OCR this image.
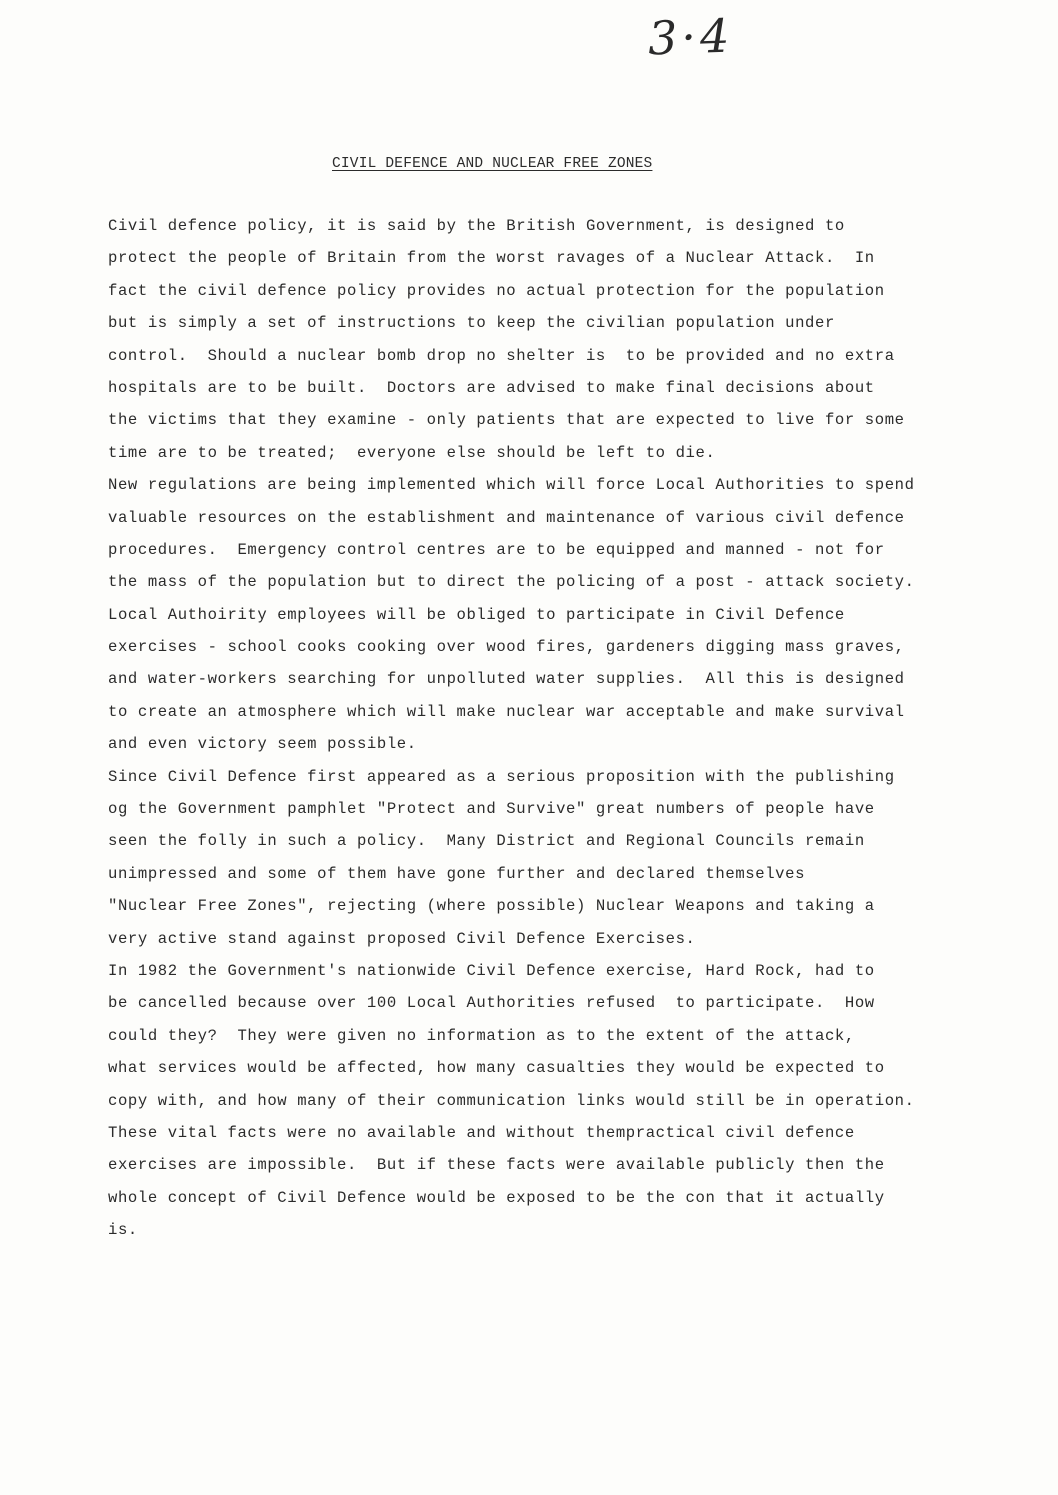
3·4
CIVIL DEFENCE AND NUCLEAR FREE ZONES
Civil defence policy, it is said by the British Government, is designed to
protect the people of Britain from the worst ravages of a Nuclear Attack.  In
fact the civil defence policy provides no actual protection for the population
but is simply a set of instructions to keep the civilian population under
control.  Should a nuclear bomb drop no shelter is  to be provided and no extra
hospitals are to be built.  Doctors are advised to make final decisions about
the victims that they examine - only patients that are expected to live for some
time are to be treated;  everyone else should be left to die.
New regulations are being implemented which will force Local Authorities to spend
valuable resources on the establishment and maintenance of various civil defence
procedures.  Emergency control centres are to be equipped and manned - not for
the mass of the population but to direct the policing of a post - attack society.
Local Authoirity employees will be obliged to participate in Civil Defence
exercises - school cooks cooking over wood fires, gardeners digging mass graves,
and water-workers searching for unpolluted water supplies.  All this is designed
to create an atmosphere which will make nuclear war acceptable and make survival
and even victory seem possible.
Since Civil Defence first appeared as a serious proposition with the publishing
og the Government pamphlet "Protect and Survive" great numbers of people have
seen the folly in such a policy.  Many District and Regional Councils remain
unimpressed and some of them have gone further and declared themselves
"Nuclear Free Zones", rejecting (where possible) Nuclear Weapons and taking a
very active stand against proposed Civil Defence Exercises.
In 1982 the Government's nationwide Civil Defence exercise, Hard Rock, had to
be cancelled because over 100 Local Authorities refused  to participate.  How
could they?  They were given no information as to the extent of the attack,
what services would be affected, how many casualties they would be expected to
copy with, and how many of their communication links would still be in operation.
These vital facts were no available and without thempractical civil defence
exercises are impossible.  But if these facts were available publicly then the
whole concept of Civil Defence would be exposed to be the con that it actually
is.
